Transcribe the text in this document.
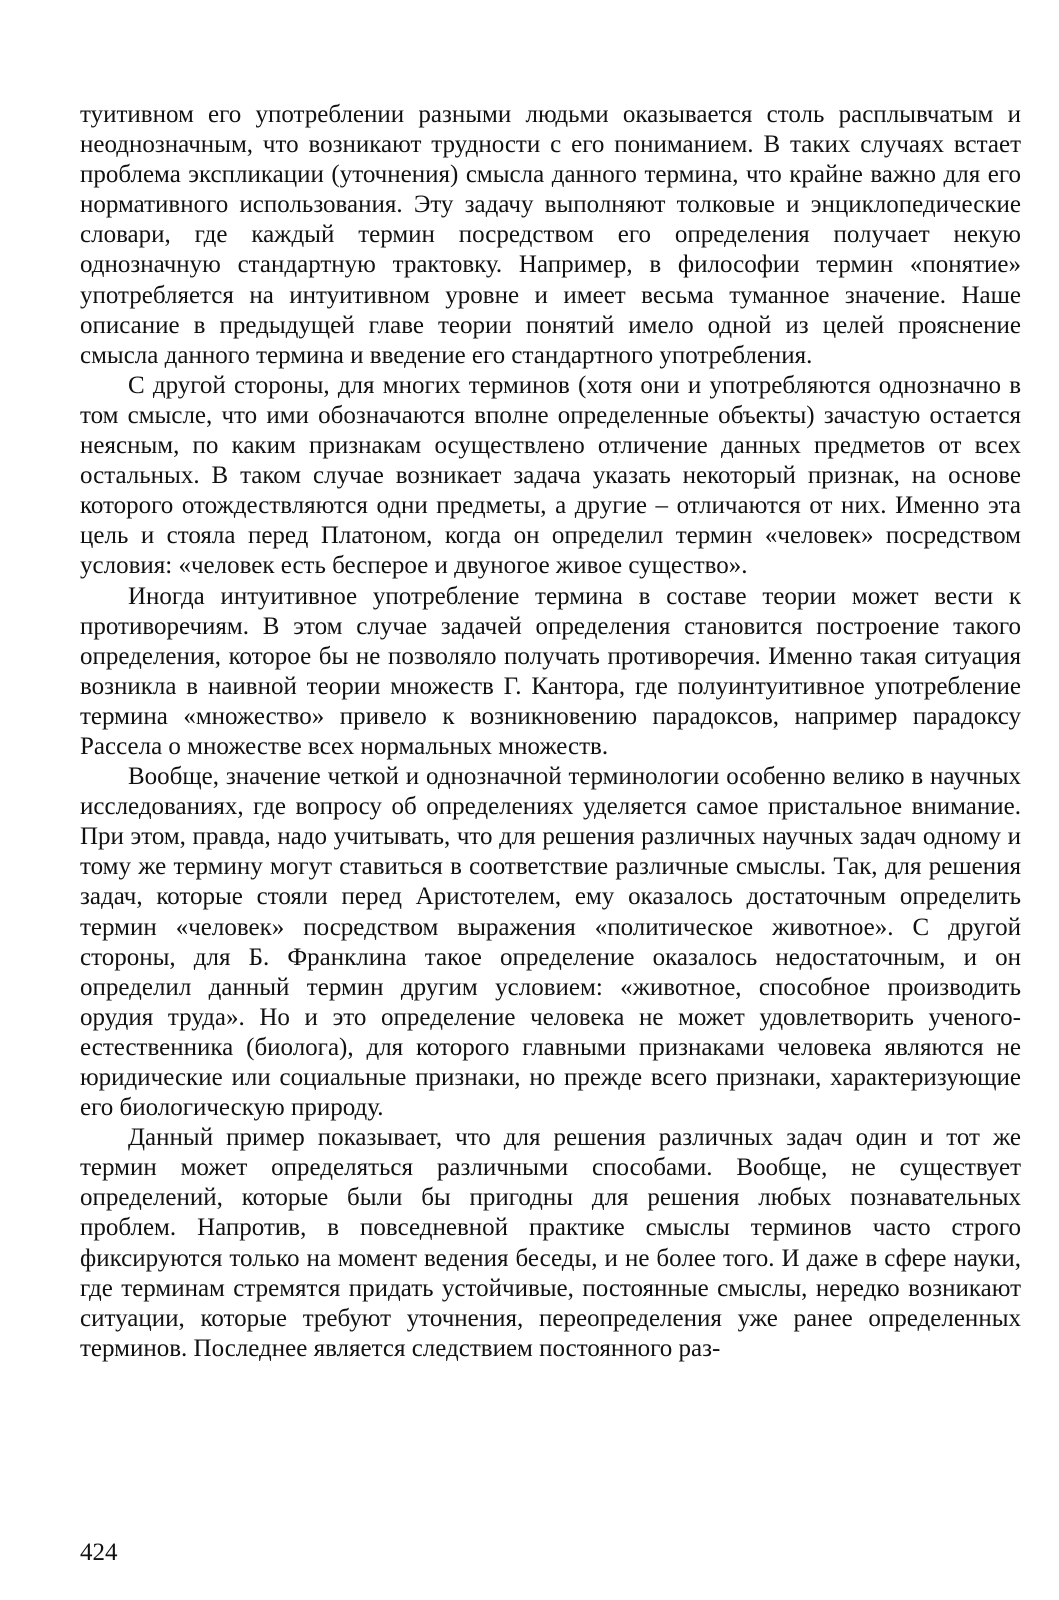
туитивном его употреблении разными людьми оказывается столь расплывчатым и неоднозначным, что возникают трудности с его пониманием. В таких случаях встает проблема экспликации (уточнения) смысла данного термина, что крайне важно для его нормативного использования. Эту задачу выполняют толковые и энциклопедические словари, где каждый термин посредством его определения получает некую однозначную стандартную трактовку. Например, в философии термин «понятие» употребляется на интуитивном уровне и имеет весьма туманное значение. Наше описание в предыдущей главе теории понятий имело одной из целей прояснение смысла данного термина и введение его стандартного употребления.

С другой стороны, для многих терминов (хотя они и употребляются однозначно в том смысле, что ими обозначаются вполне определенные объекты) зачастую остается неясным, по каким признакам осуществлено отличение данных предметов от всех остальных. В таком случае возникает задача указать некоторый признак, на основе которого отождествляются одни предметы, а другие – отличаются от них. Именно эта цель и стояла перед Платоном, когда он определил термин «человек» посредством условия: «человек есть бесперое и двуногое живое существо».

Иногда интуитивное употребление термина в составе теории может вести к противоречиям. В этом случае задачей определения становится построение такого определения, которое бы не позволяло получать противоречия. Именно такая ситуация возникла в наивной теории множеств Г. Кантора, где полуинтуитивное употребление термина «множество» привело к возникновению парадоксов, например парадоксу Рассела о множестве всех нормальных множеств.

Вообще, значение четкой и однозначной терминологии особенно велико в научных исследованиях, где вопросу об определениях уделяется самое пристальное внимание. При этом, правда, надо учитывать, что для решения различных научных задач одному и тому же термину могут ставиться в соответствие различные смыслы. Так, для решения задач, которые стояли перед Аристотелем, ему оказалось достаточным определить термин «человек» посредством выражения «политическое животное». С другой стороны, для Б. Франклина такое определение оказалось недостаточным, и он определил данный термин другим условием: «животное, способное производить орудия труда». Но и это определение человека не может удовлетворить ученого-естественника (биолога), для которого главными признаками человека являются не юридические или социальные признаки, но прежде всего признаки, характеризующие его биологическую природу.

Данный пример показывает, что для решения различных задач один и тот же термин может определяться различными способами. Вообще, не существует определений, которые были бы пригодны для решения любых познавательных проблем. Напротив, в повседневной практике смыслы терминов часто строго фиксируются только на момент ведения беседы, и не более того. И даже в сфере науки, где терминам стремятся придать устойчивые, постоянные смыслы, нередко возникают ситуации, которые требуют уточнения, переопределения уже ранее определенных терминов. Последнее является следствием постоянного раз-

424
